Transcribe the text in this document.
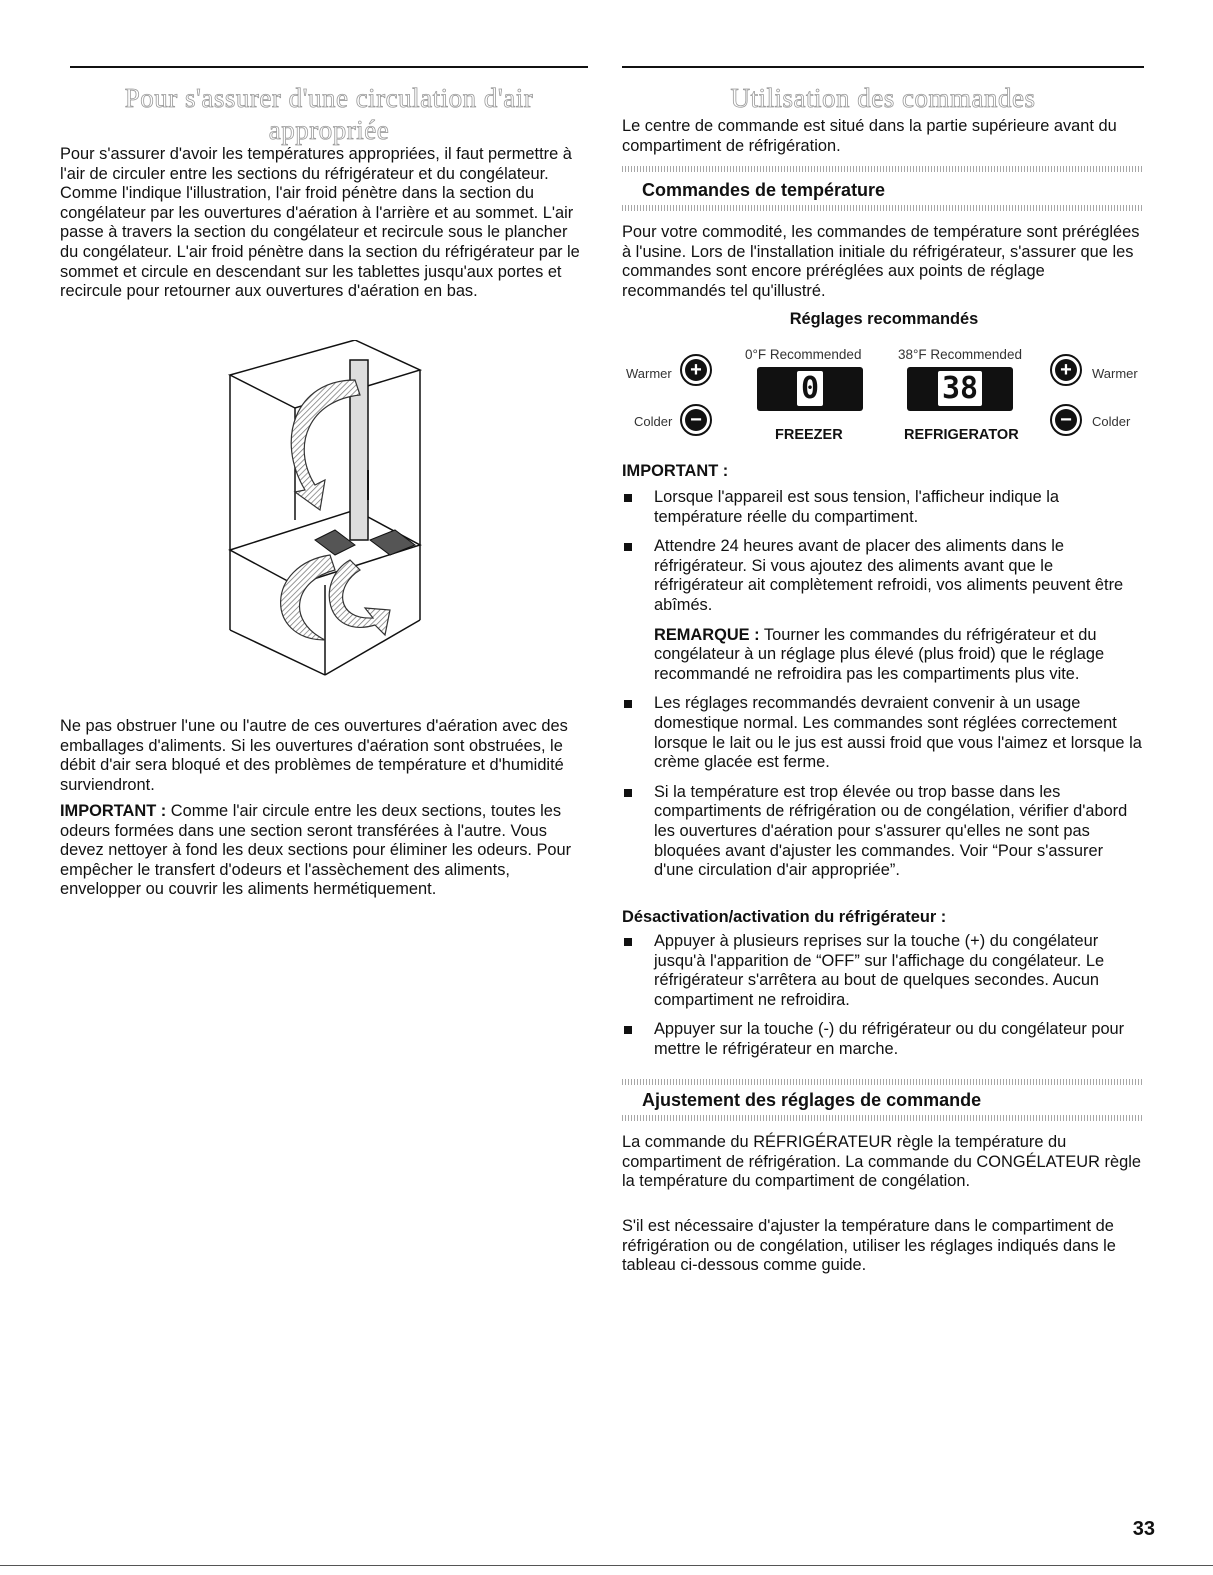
Pour s'assurer d'une circulation d'air
appropriée

Pour s'assurer d'avoir les températures appropriées, il faut permettre à l'air de circuler entre les sections du réfrigérateur et du congélateur. Comme l'indique l'illustration, l'air froid pénètre dans la section du congélateur par les ouvertures d'aération à l'arrière et au sommet. L'air passe à travers la section du congélateur et recircule sous le plancher du congélateur. L'air froid pénètre dans la section du réfrigérateur par le sommet et circule en descendant sur les tablettes jusqu'aux portes et recircule pour retourner aux ouvertures d'aération en bas.

Ne pas obstruer l'une ou l'autre de ces ouvertures d'aération avec des emballages d'aliments. Si les ouvertures d'aération sont obstruées, le débit d'air sera bloqué et des problèmes de température et d'humidité surviendront.

IMPORTANT : Comme l'air circule entre les deux sections, toutes les odeurs formées dans une section seront transférées à l'autre. Vous devez nettoyer à fond les deux sections pour éliminer les odeurs. Pour empêcher le transfert d'odeurs et l'assèchement des aliments, envelopper ou couvrir les aliments hermétiquement.

Utilisation des commandes

Le centre de commande est situé dans la partie supérieure avant du compartiment de réfrigération.

Commandes de température

Pour votre commodité, les commandes de température sont préréglées à l'usine. Lors de l'installation initiale du réfrigérateur, s'assurer que les commandes sont encore préréglées aux points de réglage recommandés tel qu'illustré.

Réglages recommandés
Warmer +
Colder −
0°F Recommended
0
FREEZER
38°F Recommended
38
REFRIGERATOR
+	Warmer
−	Colder
IMPORTANT :
Lorsque l'appareil est sous tension, l'afficheur indique la température réelle du compartiment.
Attendre 24 heures avant de placer des aliments dans le réfrigérateur. Si vous ajoutez des aliments avant que le réfrigérateur ait complètement refroidi, vos aliments peuvent être abîmés.
REMARQUE : Tourner les commandes du réfrigérateur et du congélateur à un réglage plus élevé (plus froid) que le réglage recommandé ne refroidira pas les compartiments plus vite.
Les réglages recommandés devraient convenir à un usage domestique normal. Les commandes sont réglées correctement lorsque le lait ou le jus est aussi froid que vous l'aimez et lorsque la crème glacée est ferme.
Si la température est trop élevée ou trop basse dans les compartiments de réfrigération ou de congélation, vérifier d'abord les ouvertures d'aération pour s'assurer qu'elles ne sont pas bloquées avant d'ajuster les commandes. Voir “Pour s'assurer d'une circulation d'air appropriée”.
Désactivation/activation du réfrigérateur :
Appuyer à plusieurs reprises sur la touche (+) du congélateur jusqu'à l'apparition de “OFF” sur l'affichage du congélateur. Le réfrigérateur s'arrêtera au bout de quelques secondes. Aucun compartiment ne refroidira.
Appuyer sur la touche (-) du réfrigérateur ou du congélateur pour mettre le réfrigérateur en marche.
Ajustement des réglages de commande

La commande du RÉFRIGÉRATEUR règle la température du compartiment de réfrigération. La commande du CONGÉLATEUR règle la température du compartiment de congélation.

S'il est nécessaire d'ajuster la température dans le compartiment de réfrigération ou de congélation, utiliser les réglages indiqués dans le tableau ci-dessous comme guide.

33
